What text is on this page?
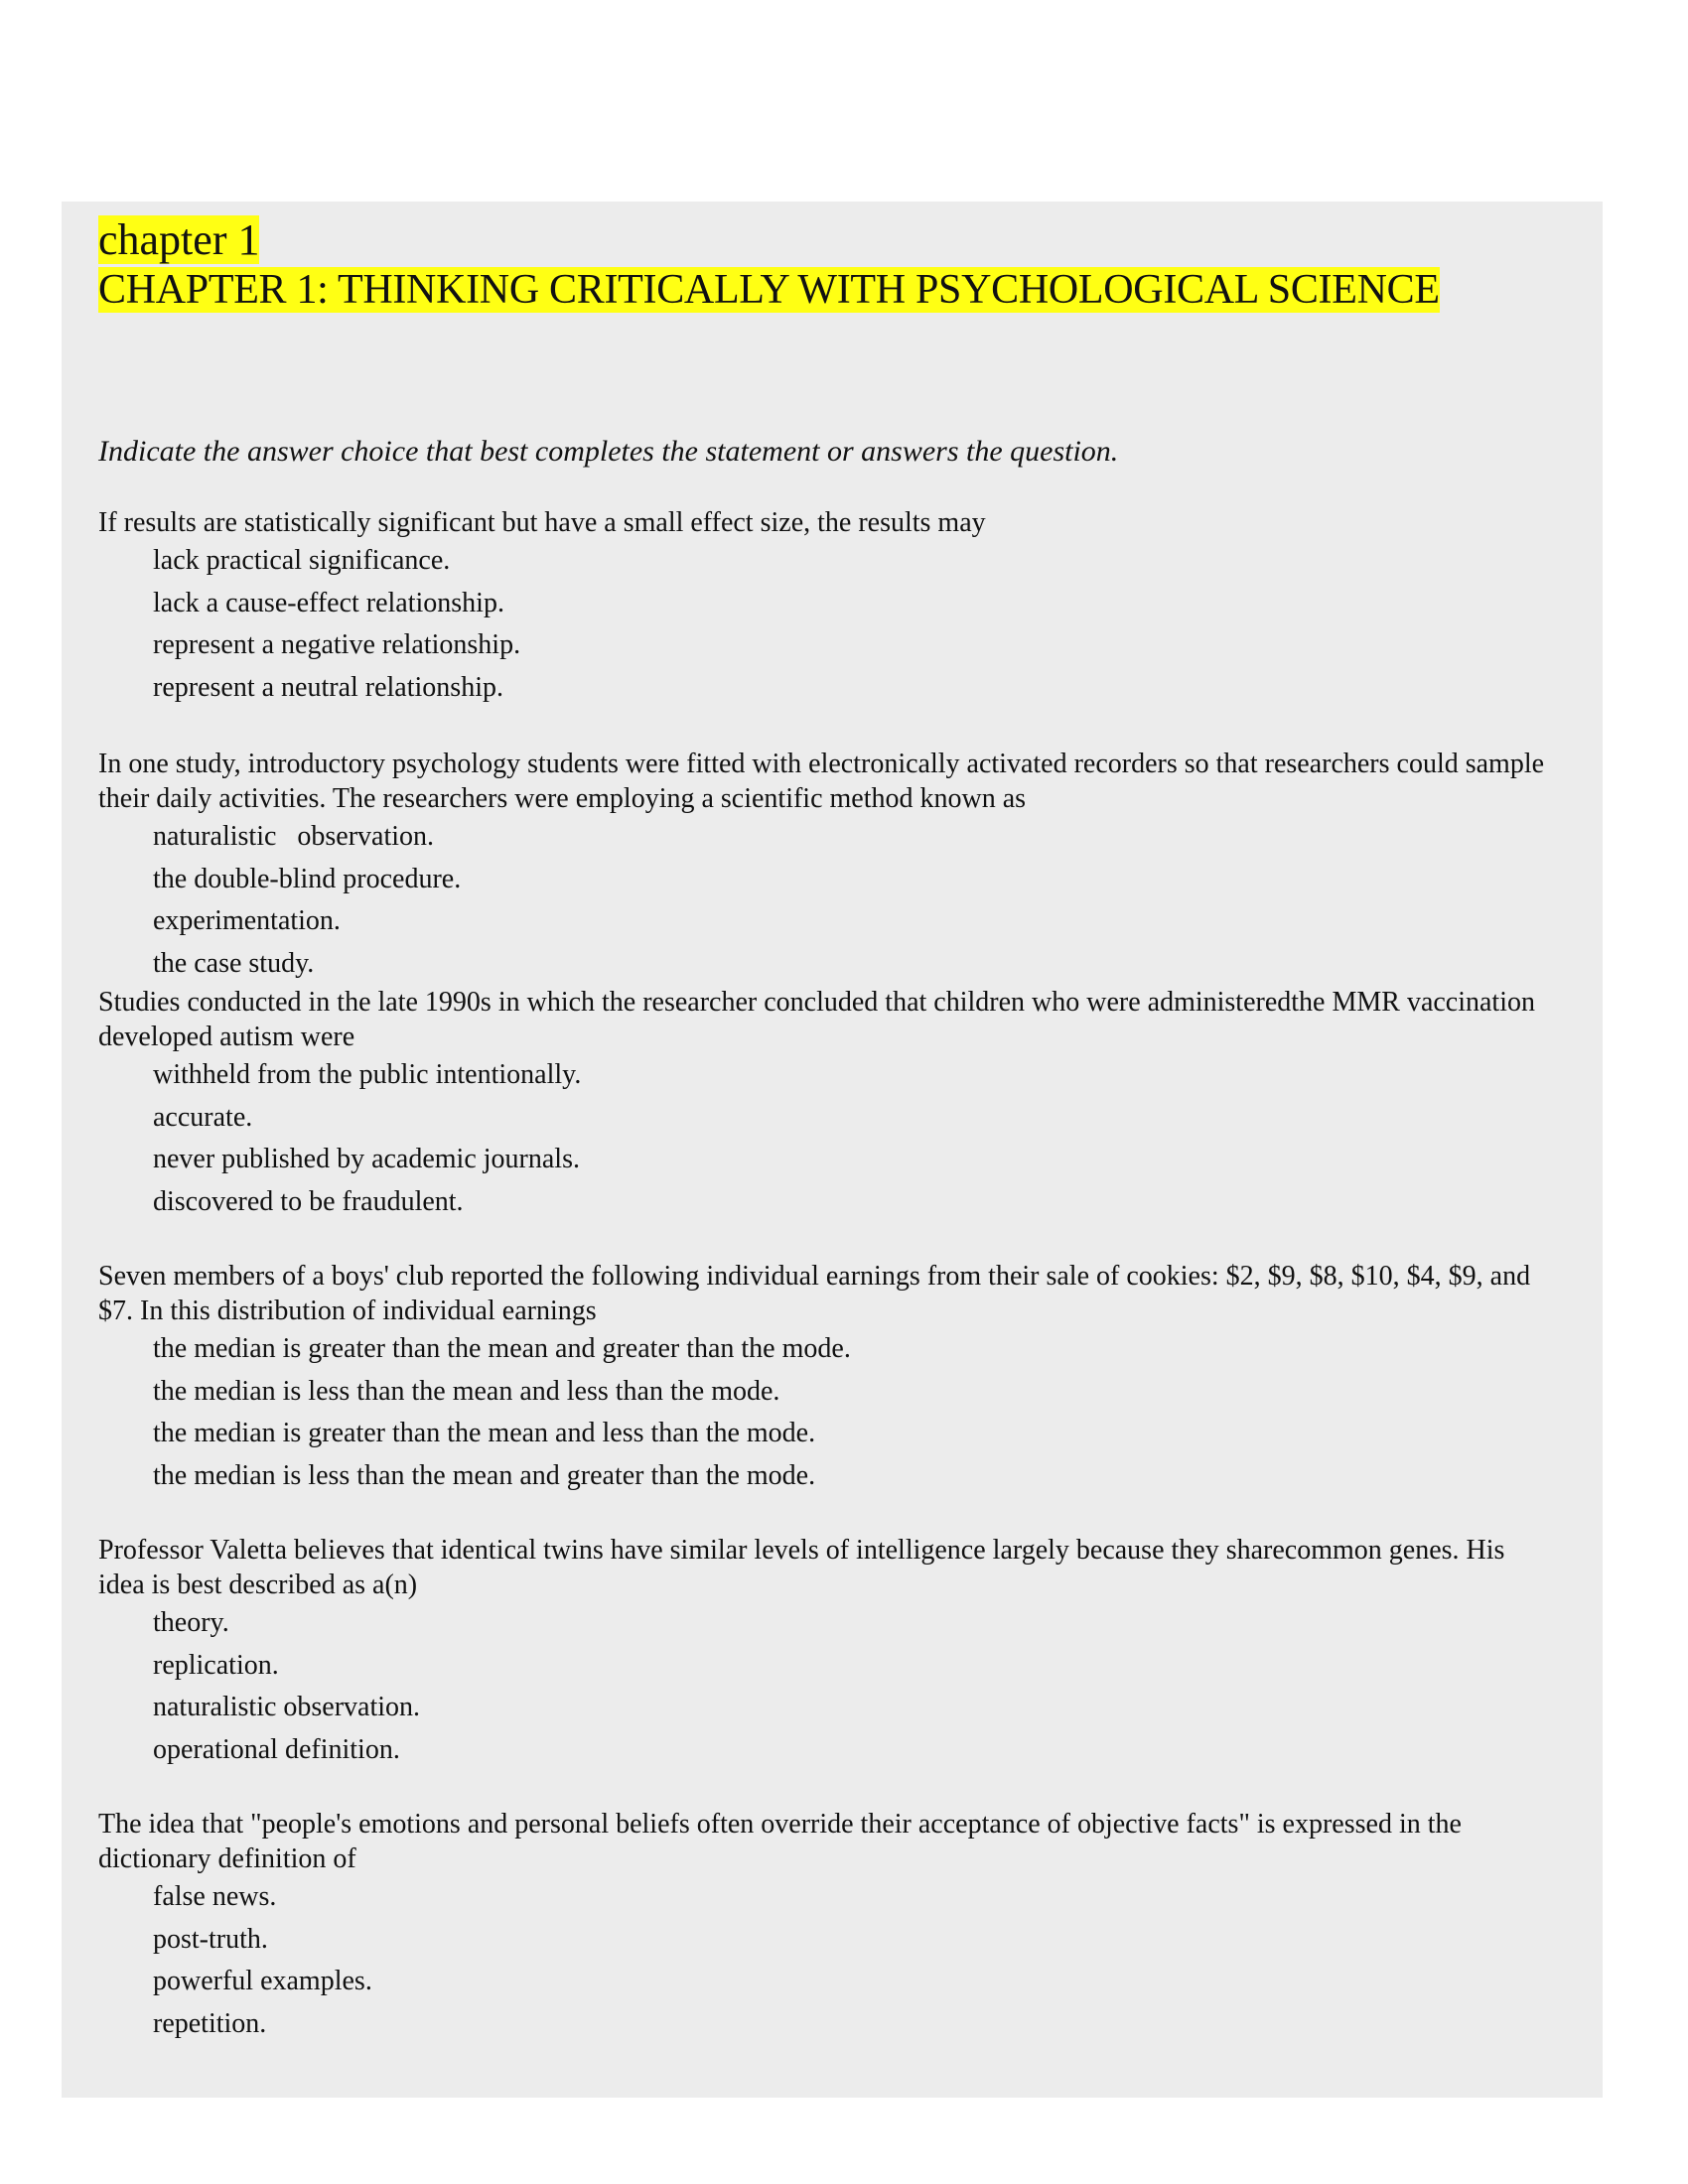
chapter 1
CHAPTER 1: THINKING CRITICALLY WITH PSYCHOLOGICAL SCIENCE
Indicate the answer choice that best completes the statement or answers the question.

If results are statistically significant but have a small effect size, the results may

lack practical significance.
lack a cause-effect relationship.
represent a negative relationship.
represent a neutral relationship.

In one study, introductory psychology students were fitted with electronically activated recorders so that researchers could sample their daily activities. The researchers were employing a scientific method known as

naturalistic   observation.
the double-blind procedure.
experimentation.
the case study.

Studies conducted in the late 1990s in which the researcher concluded that children who were administeredthe MMR vaccination developed autism were

withheld from the public intentionally.
accurate.
never published by academic journals.
discovered to be fraudulent.

Seven members of a boys' club reported the following individual earnings from their sale of cookies: $2, $9, $8, $10, $4, $9, and $7. In this distribution of individual earnings

the median is greater than the mean and greater than the mode.
the median is less than the mean and less than the mode.
the median is greater than the mean and less than the mode.
the median is less than the mean and greater than the mode.

Professor Valetta believes that identical twins have similar levels of intelligence largely because they sharecommon genes. His idea is best described as a(n)

theory.
replication.
naturalistic observation.
operational definition.

The idea that "people's emotions and personal beliefs often override their acceptance of objective facts" is expressed in the dictionary definition of

false news.
post-truth.
powerful examples.
repetition.
